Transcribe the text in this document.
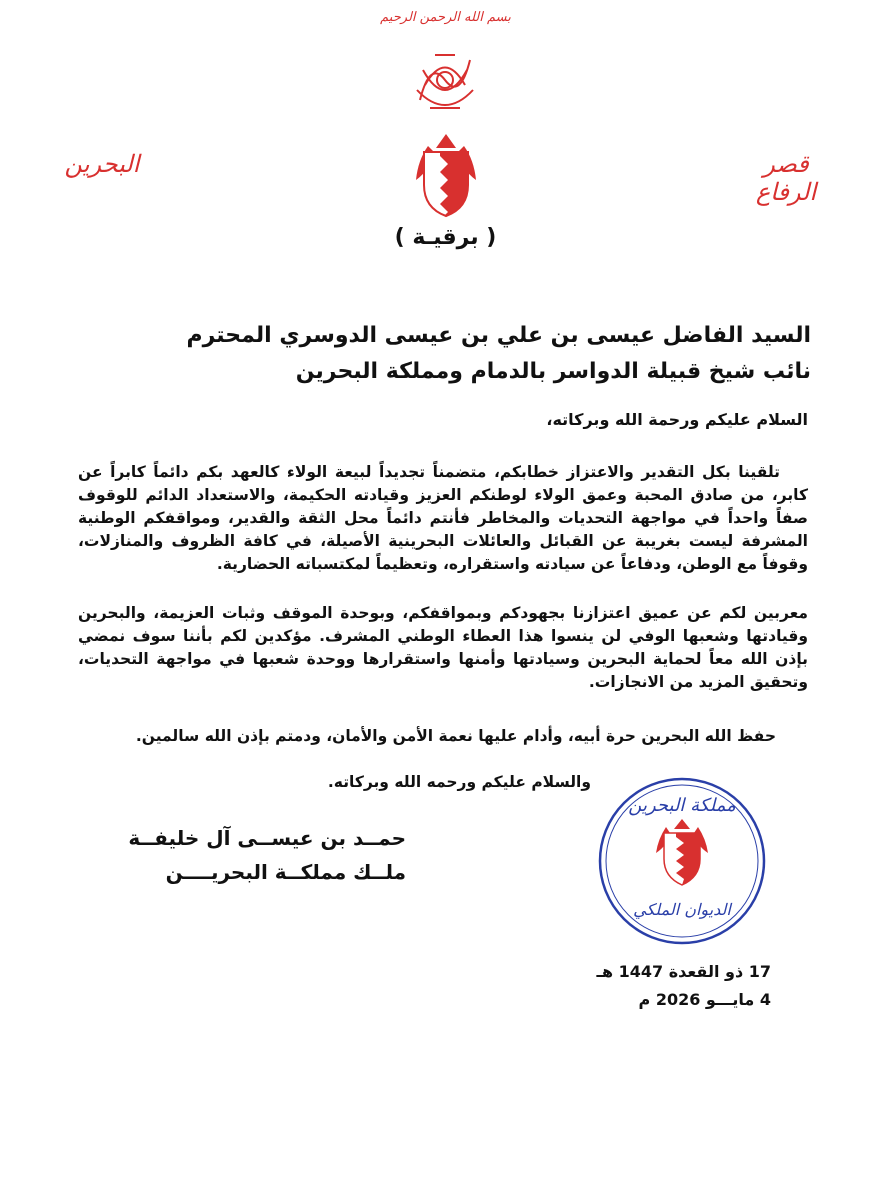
بسم الله الرحمن الرحيم
البحرين	قصر الرفاع
( برقيـة )
السيد الفاضل عيسى بن علي بن عيسى الدوسري المحترم
نائب شيخ قبيلة الدواسر بالدمام ومملكة البحرين
السلام عليكم ورحمة الله وبركاته،
تلقينا بكل التقدير والاعتزاز خطابكم، متضمناً تجديداً لبيعة الولاء كالعهد بكم دائماً كابراً عن كابر، من صادق المحبة وعمق الولاء لوطنكم العزيز وقيادته الحكيمة، والاستعداد الدائم للوقوف صفاً واحداً في مواجهة التحديات والمخاطر فأنتم دائماً محل الثقة والقدير، ومواقفكم الوطنية المشرفة ليست بغريبة عن القبائل والعائلات البحرينية الأصيلة، في كافة الظروف والمنازلات، وقوفاً مع الوطن، ودفاعاً عن سيادته واستقراره، وتعظيماً لمكتسباته الحضارية.
معربين لكم عن عميق اعتزازنا بجهودكم وبمواقفكم، وبوحدة الموقف وثبات العزيمة، والبحرين وقيادتها وشعبها الوفي لن ينسوا هذا العطاء الوطني المشرف. مؤكدين لكم بأننا سوف نمضي بإذن الله معاً لحماية البحرين وسيادتها وأمنها واستقرارها ووحدة شعبها في مواجهة التحديات، وتحقيق المزيد من الانجازات.
حفظ الله البحرين حرة أبيه، وأدام عليها نعمة الأمن والأمان، ودمتم بإذن الله سالمين.
والسلام عليكم ورحمه الله وبركاته.
حمــد بن عيســى آل خليفــة
ملــك مملكــة البحريــــن
مملكة البحرين
الديوان الملكي
17 ذو القعدة 1447 هـ
4 مايـــو 2026 م
